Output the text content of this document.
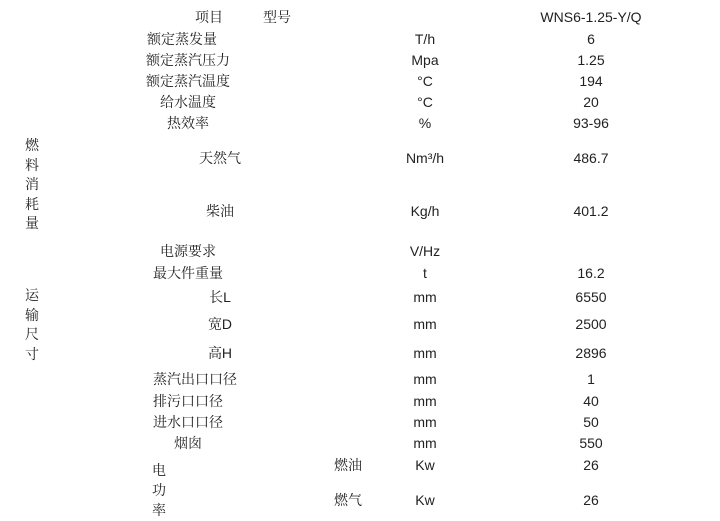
项目	型号	WNS6-1.25-Y/Q
额定蒸发量	T/h	6
额定蒸汽压力	Mpa	1.25
额定蒸汽温度	°C	194
给水温度	°C	20
热效率	%	93-96
燃料消耗量
天然气	Nm³/h	486.7
柴油	Kg/h	401.2
电源要求	V/Hz
最大件重量	t	16.2
运输尺寸
长L	mm	6550
宽D	mm	2500
高H	mm	2896
蒸汽出口口径	mm	1
排污口口径	mm	40
进水口口径	mm	50
烟囱	mm	550
电功率
燃油	Kw	26
燃气	Kw	26
